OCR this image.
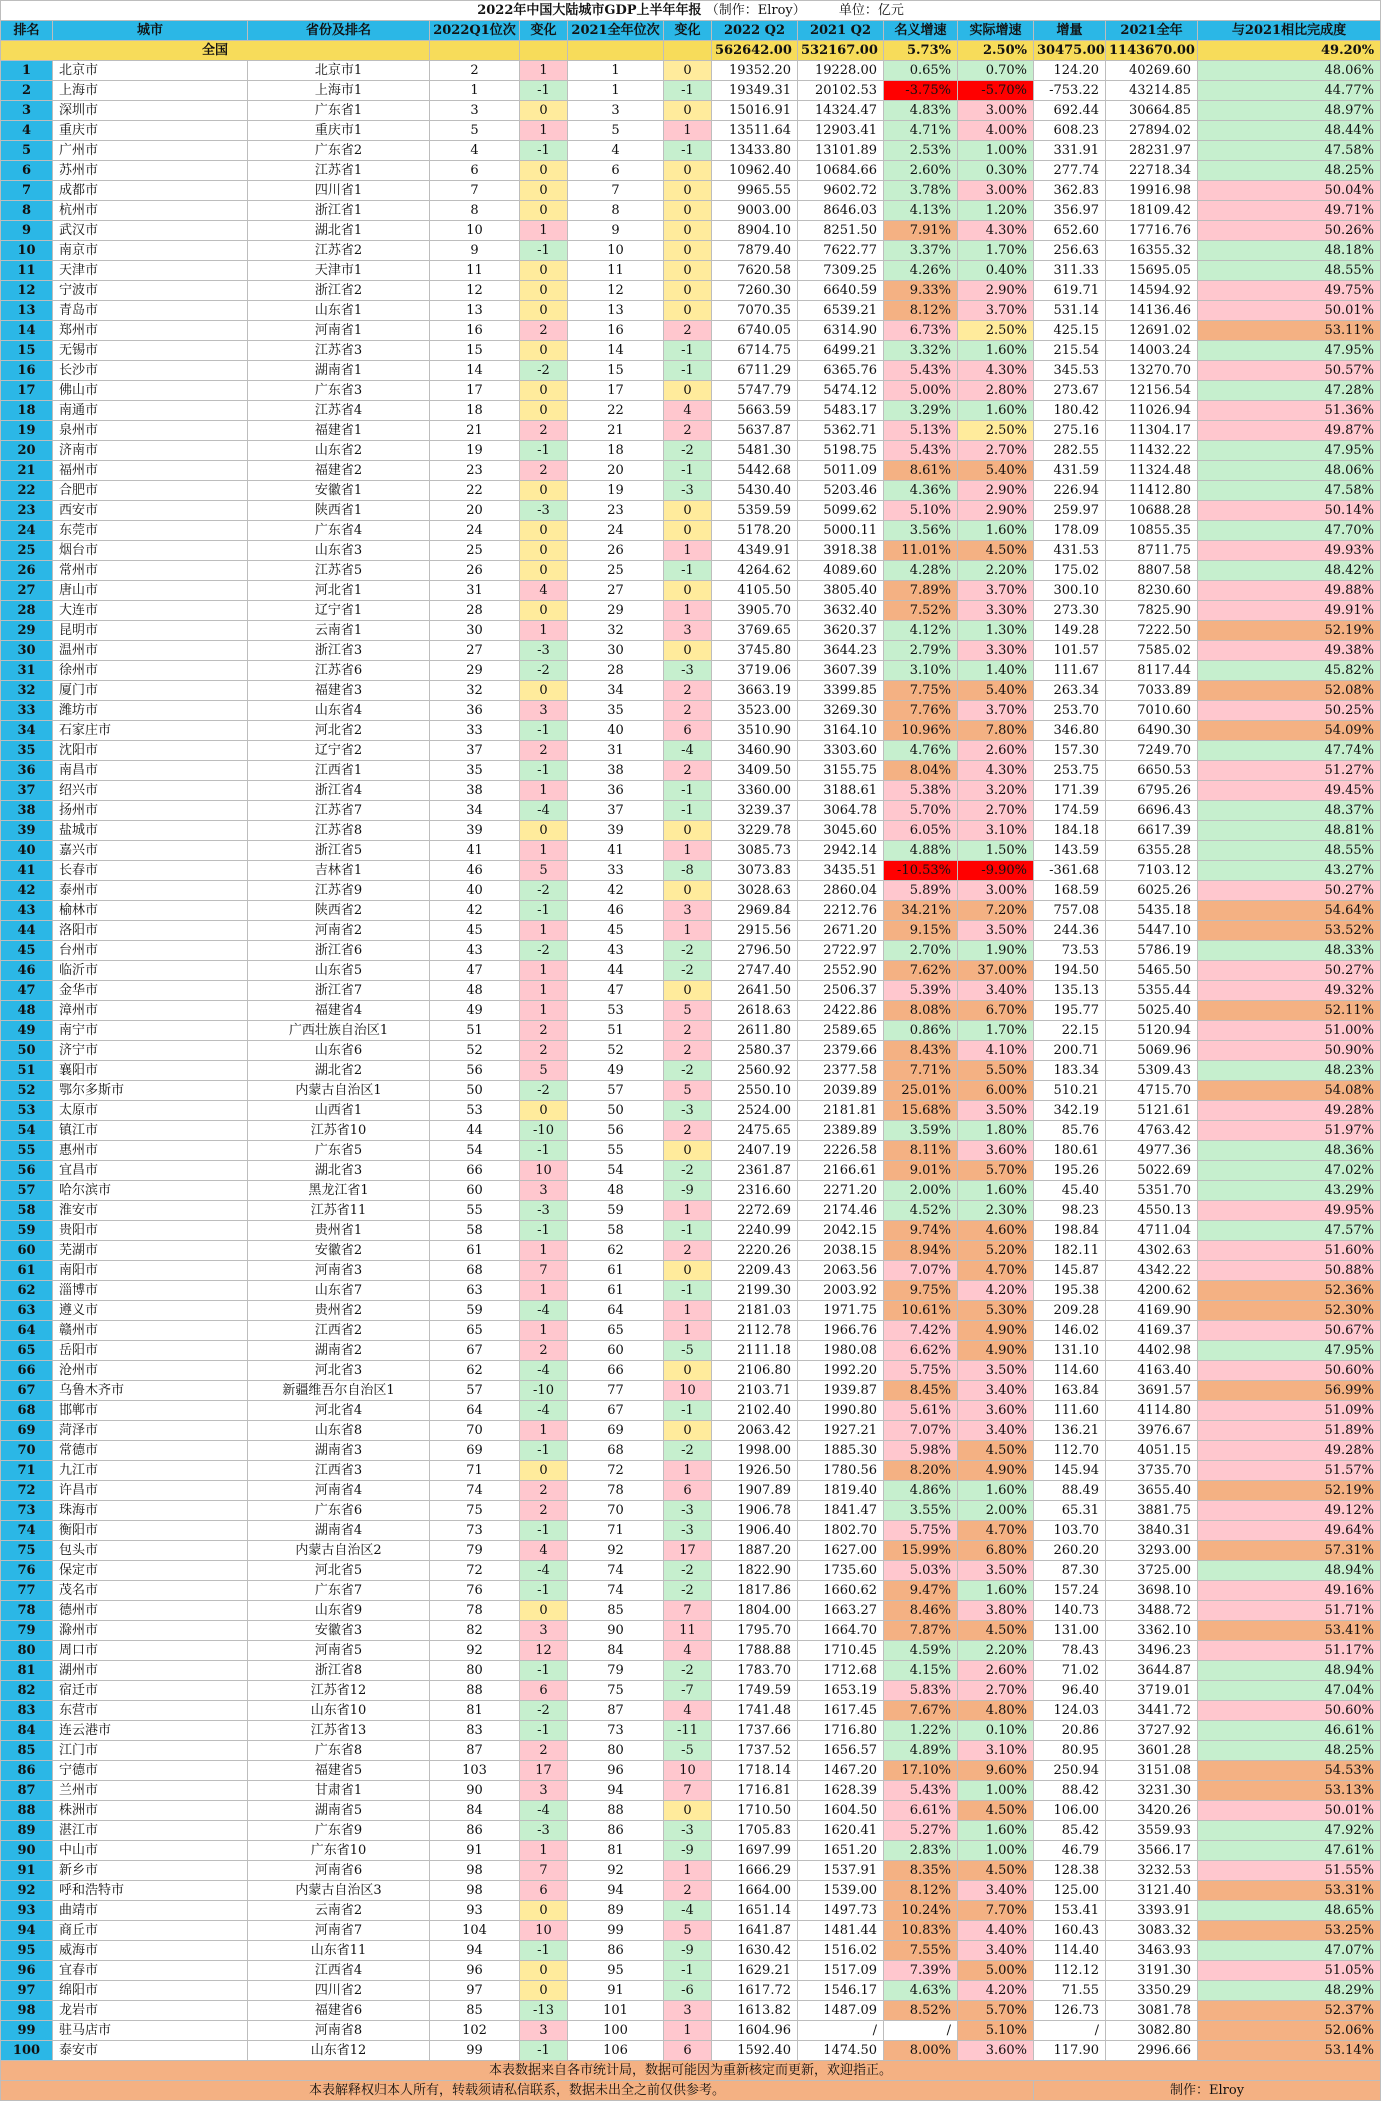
2022年中国大陆城市GDP上半年年报 （制作：Elroy） 单位：亿元													
排名	城市	省份及排名	2022Q1位次	变化	2021全年位次	变化	2022 Q2	2021 Q2	名义增速	实际增速	增量	2021全年	与2021相比完成度
全国							562642.00	532167.00	5.73%	2.50%	30475.00	1143670.00	49.20%
1	北京市	北京市1	2	1	1	0	19352.20	19228.00	0.65%	0.70%	124.20	40269.60	48.06%
2	上海市	上海市1	1	-1	1	-1	19349.31	20102.53	-3.75%	-5.70%	-753.22	43214.85	44.77%
3	深圳市	广东省1	3	0	3	0	15016.91	14324.47	4.83%	3.00%	692.44	30664.85	48.97%
4	重庆市	重庆市1	5	1	5	1	13511.64	12903.41	4.71%	4.00%	608.23	27894.02	48.44%
5	广州市	广东省2	4	-1	4	-1	13433.80	13101.89	2.53%	1.00%	331.91	28231.97	47.58%
6	苏州市	江苏省1	6	0	6	0	10962.40	10684.66	2.60%	0.30%	277.74	22718.34	48.25%
7	成都市	四川省1	7	0	7	0	9965.55	9602.72	3.78%	3.00%	362.83	19916.98	50.04%
8	杭州市	浙江省1	8	0	8	0	9003.00	8646.03	4.13%	1.20%	356.97	18109.42	49.71%
9	武汉市	湖北省1	10	1	9	0	8904.10	8251.50	7.91%	4.30%	652.60	17716.76	50.26%
10	南京市	江苏省2	9	-1	10	0	7879.40	7622.77	3.37%	1.70%	256.63	16355.32	48.18%
11	天津市	天津市1	11	0	11	0	7620.58	7309.25	4.26%	0.40%	311.33	15695.05	48.55%
12	宁波市	浙江省2	12	0	12	0	7260.30	6640.59	9.33%	2.90%	619.71	14594.92	49.75%
13	青岛市	山东省1	13	0	13	0	7070.35	6539.21	8.12%	3.70%	531.14	14136.46	50.01%
14	郑州市	河南省1	16	2	16	2	6740.05	6314.90	6.73%	2.50%	425.15	12691.02	53.11%
15	无锡市	江苏省3	15	0	14	-1	6714.75	6499.21	3.32%	1.60%	215.54	14003.24	47.95%
16	长沙市	湖南省1	14	-2	15	-1	6711.29	6365.76	5.43%	4.30%	345.53	13270.70	50.57%
17	佛山市	广东省3	17	0	17	0	5747.79	5474.12	5.00%	2.80%	273.67	12156.54	47.28%
18	南通市	江苏省4	18	0	22	4	5663.59	5483.17	3.29%	1.60%	180.42	11026.94	51.36%
19	泉州市	福建省1	21	2	21	2	5637.87	5362.71	5.13%	2.50%	275.16	11304.17	49.87%
20	济南市	山东省2	19	-1	18	-2	5481.30	5198.75	5.43%	2.70%	282.55	11432.22	47.95%
21	福州市	福建省2	23	2	20	-1	5442.68	5011.09	8.61%	5.40%	431.59	11324.48	48.06%
22	合肥市	安徽省1	22	0	19	-3	5430.40	5203.46	4.36%	2.90%	226.94	11412.80	47.58%
23	西安市	陕西省1	20	-3	23	0	5359.59	5099.62	5.10%	2.90%	259.97	10688.28	50.14%
24	东莞市	广东省4	24	0	24	0	5178.20	5000.11	3.56%	1.60%	178.09	10855.35	47.70%
25	烟台市	山东省3	25	0	26	1	4349.91	3918.38	11.01%	4.50%	431.53	8711.75	49.93%
26	常州市	江苏省5	26	0	25	-1	4264.62	4089.60	4.28%	2.20%	175.02	8807.58	48.42%
27	唐山市	河北省1	31	4	27	0	4105.50	3805.40	7.89%	3.70%	300.10	8230.60	49.88%
28	大连市	辽宁省1	28	0	29	1	3905.70	3632.40	7.52%	3.30%	273.30	7825.90	49.91%
29	昆明市	云南省1	30	1	32	3	3769.65	3620.37	4.12%	1.30%	149.28	7222.50	52.19%
30	温州市	浙江省3	27	-3	30	0	3745.80	3644.23	2.79%	3.30%	101.57	7585.02	49.38%
31	徐州市	江苏省6	29	-2	28	-3	3719.06	3607.39	3.10%	1.40%	111.67	8117.44	45.82%
32	厦门市	福建省3	32	0	34	2	3663.19	3399.85	7.75%	5.40%	263.34	7033.89	52.08%
33	潍坊市	山东省4	36	3	35	2	3523.00	3269.30	7.76%	3.70%	253.70	7010.60	50.25%
34	石家庄市	河北省2	33	-1	40	6	3510.90	3164.10	10.96%	7.80%	346.80	6490.30	54.09%
35	沈阳市	辽宁省2	37	2	31	-4	3460.90	3303.60	4.76%	2.60%	157.30	7249.70	47.74%
36	南昌市	江西省1	35	-1	38	2	3409.50	3155.75	8.04%	4.30%	253.75	6650.53	51.27%
37	绍兴市	浙江省4	38	1	36	-1	3360.00	3188.61	5.38%	3.20%	171.39	6795.26	49.45%
38	扬州市	江苏省7	34	-4	37	-1	3239.37	3064.78	5.70%	2.70%	174.59	6696.43	48.37%
39	盐城市	江苏省8	39	0	39	0	3229.78	3045.60	6.05%	3.10%	184.18	6617.39	48.81%
40	嘉兴市	浙江省5	41	1	41	1	3085.73	2942.14	4.88%	1.50%	143.59	6355.28	48.55%
41	长春市	吉林省1	46	5	33	-8	3073.83	3435.51	-10.53%	-9.90%	-361.68	7103.12	43.27%
42	泰州市	江苏省9	40	-2	42	0	3028.63	2860.04	5.89%	3.00%	168.59	6025.26	50.27%
43	榆林市	陕西省2	42	-1	46	3	2969.84	2212.76	34.21%	7.20%	757.08	5435.18	54.64%
44	洛阳市	河南省2	45	1	45	1	2915.56	2671.20	9.15%	3.50%	244.36	5447.10	53.52%
45	台州市	浙江省6	43	-2	43	-2	2796.50	2722.97	2.70%	1.90%	73.53	5786.19	48.33%
46	临沂市	山东省5	47	1	44	-2	2747.40	2552.90	7.62%	37.00%	194.50	5465.50	50.27%
47	金华市	浙江省7	48	1	47	0	2641.50	2506.37	5.39%	3.40%	135.13	5355.44	49.32%
48	漳州市	福建省4	49	1	53	5	2618.63	2422.86	8.08%	6.70%	195.77	5025.40	52.11%
49	南宁市	广西壮族自治区1	51	2	51	2	2611.80	2589.65	0.86%	1.70%	22.15	5120.94	51.00%
50	济宁市	山东省6	52	2	52	2	2580.37	2379.66	8.43%	4.10%	200.71	5069.96	50.90%
51	襄阳市	湖北省2	56	5	49	-2	2560.92	2377.58	7.71%	5.50%	183.34	5309.43	48.23%
52	鄂尔多斯市	内蒙古自治区1	50	-2	57	5	2550.10	2039.89	25.01%	6.00%	510.21	4715.70	54.08%
53	太原市	山西省1	53	0	50	-3	2524.00	2181.81	15.68%	3.50%	342.19	5121.61	49.28%
54	镇江市	江苏省10	44	-10	56	2	2475.65	2389.89	3.59%	1.80%	85.76	4763.42	51.97%
55	惠州市	广东省5	54	-1	55	0	2407.19	2226.58	8.11%	3.60%	180.61	4977.36	48.36%
56	宜昌市	湖北省3	66	10	54	-2	2361.87	2166.61	9.01%	5.70%	195.26	5022.69	47.02%
57	哈尔滨市	黑龙江省1	60	3	48	-9	2316.60	2271.20	2.00%	1.60%	45.40	5351.70	43.29%
58	淮安市	江苏省11	55	-3	59	1	2272.69	2174.46	4.52%	2.30%	98.23	4550.13	49.95%
59	贵阳市	贵州省1	58	-1	58	-1	2240.99	2042.15	9.74%	4.60%	198.84	4711.04	47.57%
60	芜湖市	安徽省2	61	1	62	2	2220.26	2038.15	8.94%	5.20%	182.11	4302.63	51.60%
61	南阳市	河南省3	68	7	61	0	2209.43	2063.56	7.07%	4.70%	145.87	4342.22	50.88%
62	淄博市	山东省7	63	1	61	-1	2199.30	2003.92	9.75%	4.20%	195.38	4200.62	52.36%
63	遵义市	贵州省2	59	-4	64	1	2181.03	1971.75	10.61%	5.30%	209.28	4169.90	52.30%
64	赣州市	江西省2	65	1	65	1	2112.78	1966.76	7.42%	4.90%	146.02	4169.37	50.67%
65	岳阳市	湖南省2	67	2	60	-5	2111.18	1980.08	6.62%	4.90%	131.10	4402.98	47.95%
66	沧州市	河北省3	62	-4	66	0	2106.80	1992.20	5.75%	3.50%	114.60	4163.40	50.60%
67	乌鲁木齐市	新疆维吾尔自治区1	57	-10	77	10	2103.71	1939.87	8.45%	3.40%	163.84	3691.57	56.99%
68	邯郸市	河北省4	64	-4	67	-1	2102.40	1990.80	5.61%	3.60%	111.60	4114.80	51.09%
69	菏泽市	山东省8	70	1	69	0	2063.42	1927.21	7.07%	3.40%	136.21	3976.67	51.89%
70	常德市	湖南省3	69	-1	68	-2	1998.00	1885.30	5.98%	4.50%	112.70	4051.15	49.28%
71	九江市	江西省3	71	0	72	1	1926.50	1780.56	8.20%	4.90%	145.94	3735.70	51.57%
72	许昌市	河南省4	74	2	78	6	1907.89	1819.40	4.86%	1.60%	88.49	3655.40	52.19%
73	珠海市	广东省6	75	2	70	-3	1906.78	1841.47	3.55%	2.00%	65.31	3881.75	49.12%
74	衡阳市	湖南省4	73	-1	71	-3	1906.40	1802.70	5.75%	4.70%	103.70	3840.31	49.64%
75	包头市	内蒙古自治区2	79	4	92	17	1887.20	1627.00	15.99%	6.80%	260.20	3293.00	57.31%
76	保定市	河北省5	72	-4	74	-2	1822.90	1735.60	5.03%	3.50%	87.30	3725.00	48.94%
77	茂名市	广东省7	76	-1	74	-2	1817.86	1660.62	9.47%	1.60%	157.24	3698.10	49.16%
78	德州市	山东省9	78	0	85	7	1804.00	1663.27	8.46%	3.80%	140.73	3488.72	51.71%
79	滁州市	安徽省3	82	3	90	11	1795.70	1664.70	7.87%	4.50%	131.00	3362.10	53.41%
80	周口市	河南省5	92	12	84	4	1788.88	1710.45	4.59%	2.20%	78.43	3496.23	51.17%
81	湖州市	浙江省8	80	-1	79	-2	1783.70	1712.68	4.15%	2.60%	71.02	3644.87	48.94%
82	宿迁市	江苏省12	88	6	75	-7	1749.59	1653.19	5.83%	2.70%	96.40	3719.01	47.04%
83	东营市	山东省10	81	-2	87	4	1741.48	1617.45	7.67%	4.80%	124.03	3441.72	50.60%
84	连云港市	江苏省13	83	-1	73	-11	1737.66	1716.80	1.22%	0.10%	20.86	3727.92	46.61%
85	江门市	广东省8	87	2	80	-5	1737.52	1656.57	4.89%	3.10%	80.95	3601.28	48.25%
86	宁德市	福建省5	103	17	96	10	1718.14	1467.20	17.10%	9.60%	250.94	3151.08	54.53%
87	兰州市	甘肃省1	90	3	94	7	1716.81	1628.39	5.43%	1.00%	88.42	3231.30	53.13%
88	株洲市	湖南省5	84	-4	88	0	1710.50	1604.50	6.61%	4.50%	106.00	3420.26	50.01%
89	湛江市	广东省9	86	-3	86	-3	1705.83	1620.41	5.27%	1.60%	85.42	3559.93	47.92%
90	中山市	广东省10	91	1	81	-9	1697.99	1651.20	2.83%	1.00%	46.79	3566.17	47.61%
91	新乡市	河南省6	98	7	92	1	1666.29	1537.91	8.35%	4.50%	128.38	3232.53	51.55%
92	呼和浩特市	内蒙古自治区3	98	6	94	2	1664.00	1539.00	8.12%	3.40%	125.00	3121.40	53.31%
93	曲靖市	云南省2	93	0	89	-4	1651.14	1497.73	10.24%	7.70%	153.41	3393.91	48.65%
94	商丘市	河南省7	104	10	99	5	1641.87	1481.44	10.83%	4.40%	160.43	3083.32	53.25%
95	威海市	山东省11	94	-1	86	-9	1630.42	1516.02	7.55%	3.40%	114.40	3463.93	47.07%
96	宜春市	江西省4	96	0	95	-1	1629.21	1517.09	7.39%	5.00%	112.12	3191.30	51.05%
97	绵阳市	四川省2	97	0	91	-6	1617.72	1546.17	4.63%	4.20%	71.55	3350.29	48.29%
98	龙岩市	福建省6	85	-13	101	3	1613.82	1487.09	8.52%	5.70%	126.73	3081.78	52.37%
99	驻马店市	河南省8	102	3	100	1	1604.96	/	/	5.10%	/	3082.80	52.06%
100	泰安市	山东省12	99	-1	106	6	1592.40	1474.50	8.00%	3.60%	117.90	2996.66	53.14%
本表数据来自各市统计局，数据可能因为重新核定而更新，欢迎指正。													
本表解释权归本人所有，转载须请私信联系，数据未出全之前仅供参考。											制作：Elroy		
